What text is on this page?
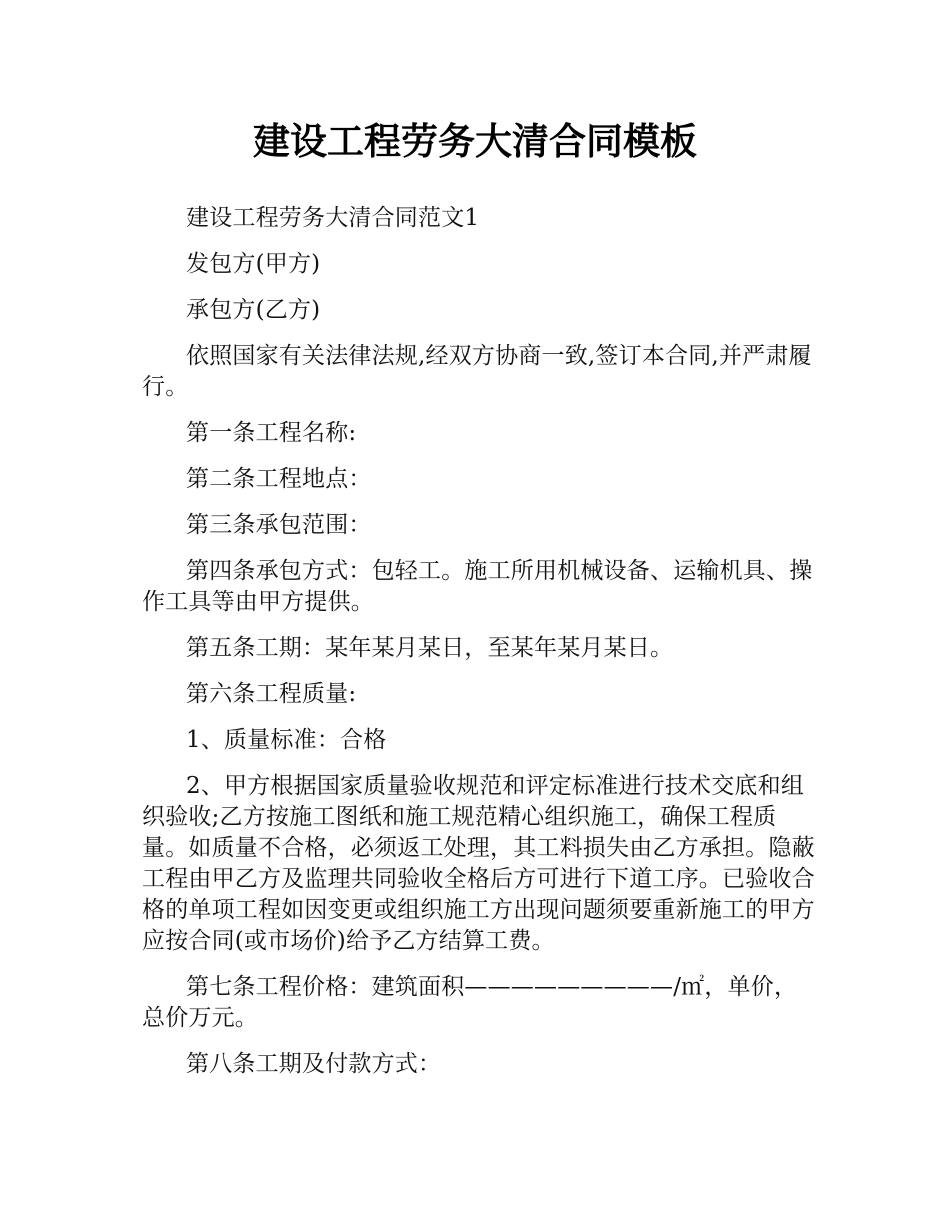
建设工程劳务大清合同模板

建设工程劳务大清合同范文1

发包方(甲方)

承包方(乙方)

依照国家有关法律法规,经双方协商一致,签订本合同,并严肃履行。

第一条工程名称:

第二条工程地点：

第三条承包范围：

第四条承包方式：包轻工。施工所用机械设备、运输机具、操作工具等由甲方提供。

第五条工期：某年某月某日，至某年某月某日。

第六条工程质量:

1、质量标准：合格

2、甲方根据国家质量验收规范和评定标准进行技术交底和组织验收;乙方按施工图纸和施工规范精心组织施工，确保工程质量。如质量不合格，必须返工处理，其工料损失由乙方承担。隐蔽工程由甲乙方及监理共同验收全格后方可进行下道工序。已验收合格的单项工程如因变更或组织施工方出现问题须要重新施工的甲方应按合同(或市场价)给予乙方结算工费。

第七条工程价格：建筑面积—————————/㎡，单价，总价万元。

第八条工期及付款方式：
